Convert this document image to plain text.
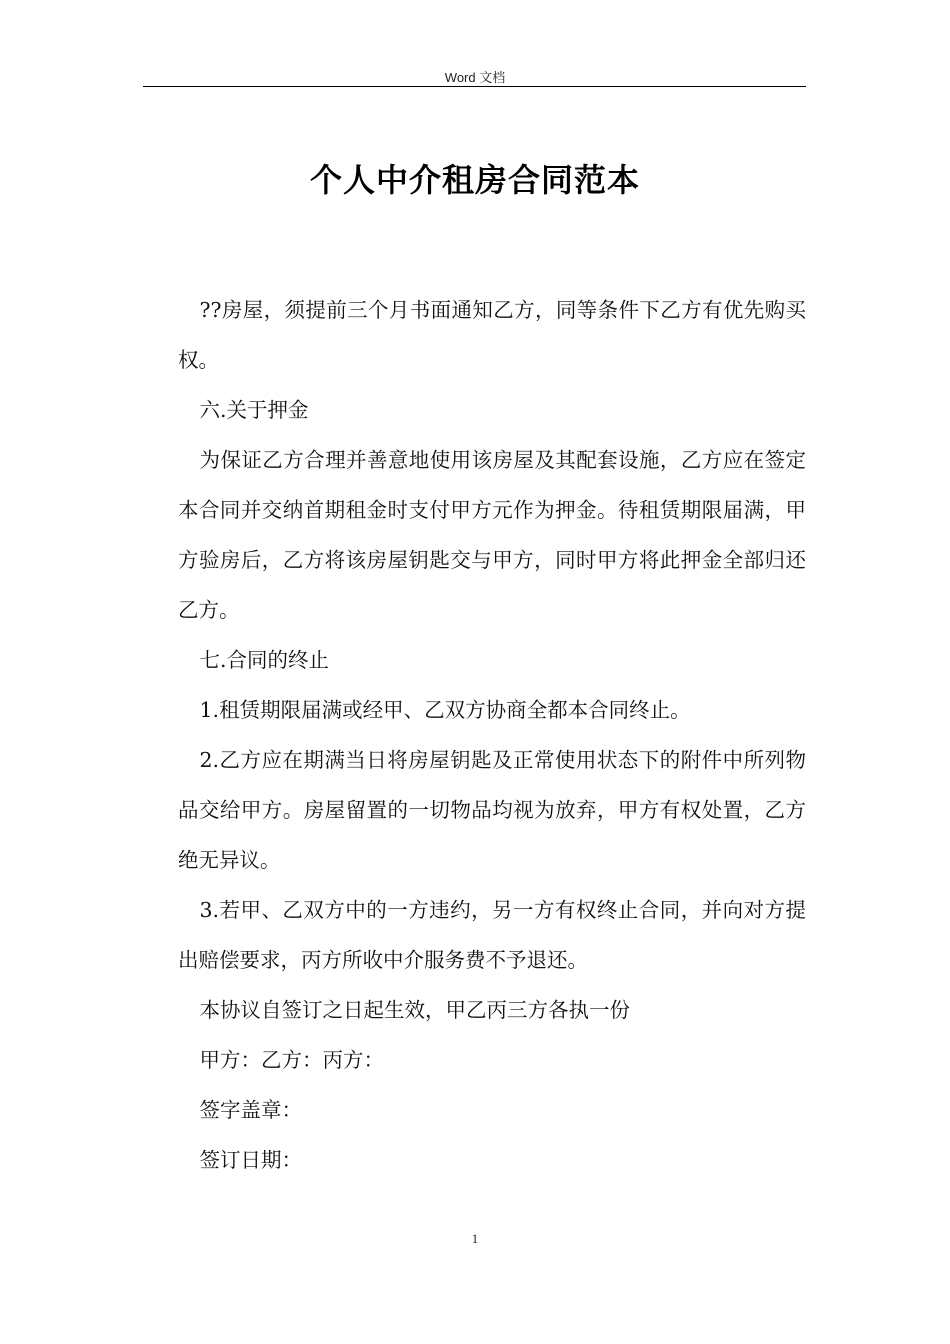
Word 文档
个人中介租房合同范本

??房屋，须提前三个月书面通知乙方，同等条件下乙方有优先购买权。

六.关于押金

为保证乙方合理并善意地使用该房屋及其配套设施，乙方应在签定本合同并交纳首期租金时支付甲方元作为押金。待租赁期限届满，甲方验房后，乙方将该房屋钥匙交与甲方，同时甲方将此押金全部归还乙方。

七.合同的终止

1.租赁期限届满或经甲、乙双方协商全都本合同终止。

2.乙方应在期满当日将房屋钥匙及正常使用状态下的附件中所列物品交给甲方。房屋留置的一切物品均视为放弃，甲方有权处置，乙方绝无异议。

3.若甲、乙双方中的一方违约，另一方有权终止合同，并向对方提出赔偿要求，丙方所收中介服务费不予退还。

本协议自签订之日起生效，甲乙丙三方各执一份

甲方：乙方：丙方：

签字盖章：

签订日期：

1
